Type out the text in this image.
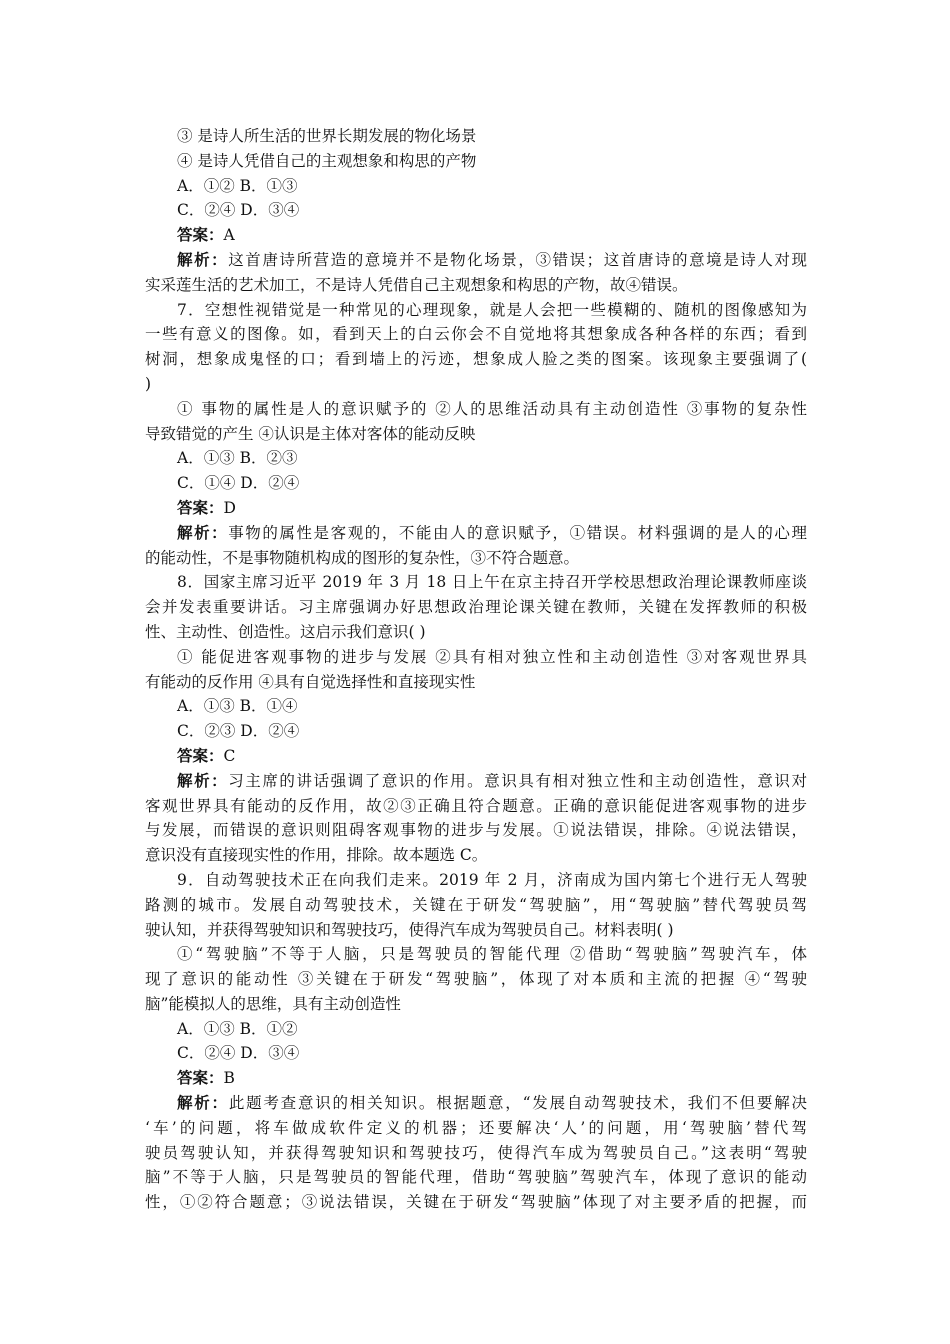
③ 是诗人所生活的世界长期发展的物化场景
④ 是诗人凭借自己的主观想象和构思的产物
A．①② B．①③
C．②④ D．③④
答案：A
解析：这首唐诗所营造的意境并不是物化场景，③错误；这首唐诗的意境是诗人对现
实采莲生活的艺术加工，不是诗人凭借自己主观想象和构思的产物，故④错误。
7．空想性视错觉是一种常见的心理现象，就是人会把一些模糊的、随机的图像感知为
一些有意义的图像。如，看到天上的白云你会不自觉地将其想象成各种各样的东西；看到
树洞，想象成鬼怪的口；看到墙上的污迹，想象成人脸之类的图案。该现象主要强调了(
)
① 事物的属性是人的意识赋予的 ②人的思维活动具有主动创造性 ③事物的复杂性
导致错觉的产生 ④认识是主体对客体的能动反映
A．①③ B．②③
C．①④ D．②④
答案：D
解析：事物的属性是客观的，不能由人的意识赋予，①错误。材料强调的是人的心理
的能动性，不是事物随机构成的图形的复杂性，③不符合题意。
8．国家主席习近平 2019 年 3 月 18 日上午在京主持召开学校思想政治理论课教师座谈
会并发表重要讲话。习主席强调办好思想政治理论课关键在教师，关键在发挥教师的积极
性、主动性、创造性。这启示我们意识( )
① 能促进客观事物的进步与发展 ②具有相对独立性和主动创造性 ③对客观世界具
有能动的反作用 ④具有自觉选择性和直接现实性
A．①③ B．①④
C．②③ D．②④
答案：C
解析：习主席的讲话强调了意识的作用。意识具有相对独立性和主动创造性，意识对
客观世界具有能动的反作用，故②③正确且符合题意。正确的意识能促进客观事物的进步
与发展，而错误的意识则阻碍客观事物的进步与发展。①说法错误，排除。④说法错误，
意识没有直接现实性的作用，排除。故本题选 C。
9．自动驾驶技术正在向我们走来。2019 年 2 月，济南成为国内第七个进行无人驾驶
路测的城市。发展自动驾驶技术，关键在于研发“驾驶脑”，用“驾驶脑”替代驾驶员驾
驶认知，并获得驾驶知识和驾驶技巧，使得汽车成为驾驶员自己。材料表明( )
①“驾驶脑”不等于人脑，只是驾驶员的智能代理 ②借助“驾驶脑”驾驶汽车，体
现了意识的能动性 ③关键在于研发“驾驶脑”，体现了对本质和主流的把握 ④“驾驶
脑”能模拟人的思维，具有主动创造性
A．①③ B．①②
C．②④ D．③④
答案：B
解析：此题考查意识的相关知识。根据题意，“发展自动驾驶技术，我们不但要解决
‘车’的问题，将车做成软件定义的机器；还要解决‘人’的问题，用‘驾驶脑’替代驾
驶员驾驶认知，并获得驾驶知识和驾驶技巧，使得汽车成为驾驶员自己。”这表明“驾驶
脑”不等于人脑，只是驾驶员的智能代理，借助“驾驶脑”驾驶汽车，体现了意识的能动
性，①②符合题意；③说法错误，关键在于研发“驾驶脑”体现了对主要矛盾的把握，而
